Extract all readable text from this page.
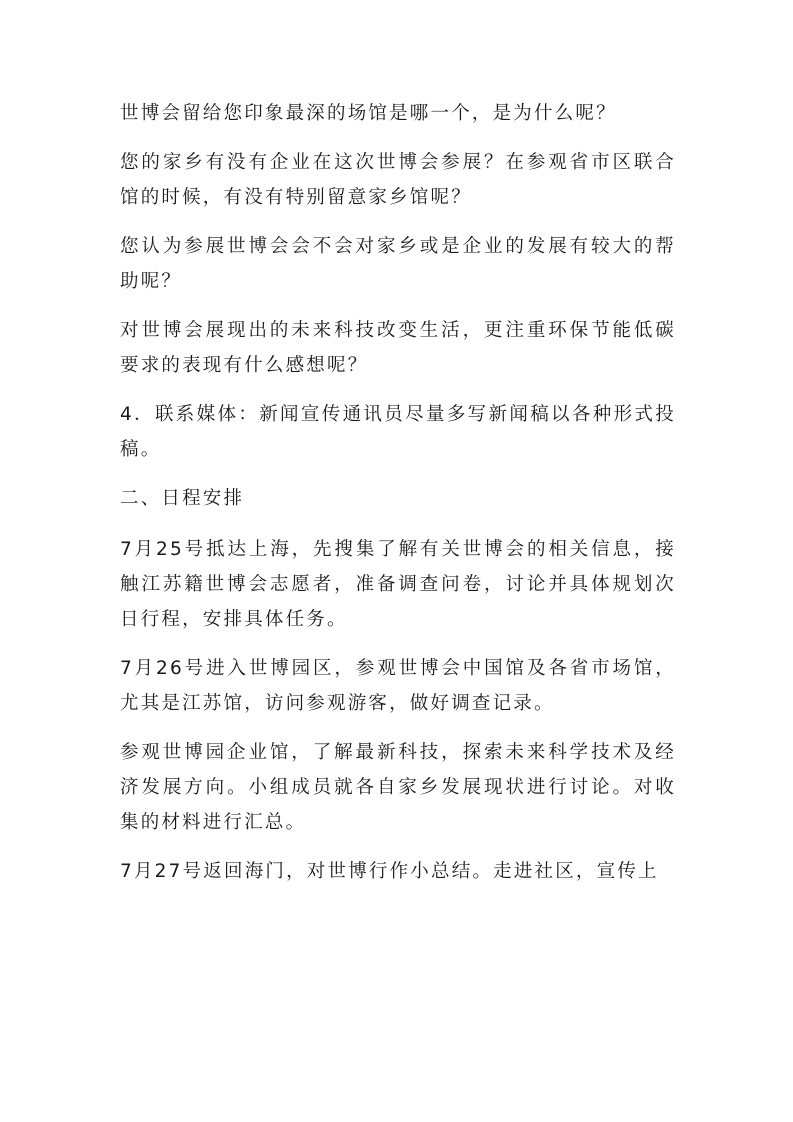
世博会留给您印象最深的场馆是哪一个，是为什么呢？

您的家乡有没有企业在这次世博会参展？在参观省市区联合馆的时候，有没有特别留意家乡馆呢？

您认为参展世博会会不会对家乡或是企业的发展有较大的帮助呢？

对世博会展现出的未来科技改变生活，更注重环保节能低碳要求的表现有什么感想呢？

4．联系媒体：新闻宣传通讯员尽量多写新闻稿以各种形式投稿。

二、日程安排

7月25号抵达上海，先搜集了解有关世博会的相关信息，接触江苏籍世博会志愿者，准备调查问卷，讨论并具体规划次日行程，安排具体任务。

7月26号进入世博园区，参观世博会中国馆及各省市场馆，尤其是江苏馆，访问参观游客，做好调查记录。

参观世博园企业馆，了解最新科技，探索未来科学技术及经济发展方向。小组成员就各自家乡发展现状进行讨论。对收集的材料进行汇总。

7月27号返回海门，对世博行作小总结。走进社区，宣传上
